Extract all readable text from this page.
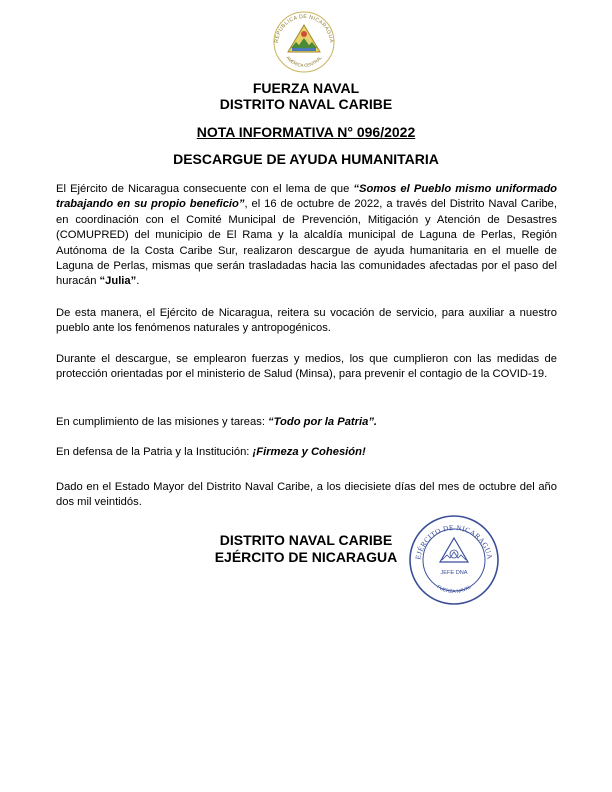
REPÚBLICA DE NICARAGUA
AMÉRICA CENTRAL
FUERZA NAVAL
DISTRITO NAVAL CARIBE
NOTA INFORMATIVA N° 096/2022
DESCARGUE DE AYUDA HUMANITARIA

El Ejército de Nicaragua consecuente con el lema de que “Somos el Pueblo mismo uniformado trabajando en su propio beneficio”, el 16 de octubre de 2022, a través del Distrito Naval Caribe, en coordinación con el Comité Municipal de Prevención, Mitigación y Atención de Desastres (COMUPRED) del municipio de El Rama y la alcaldía municipal de Laguna de Perlas, Región Autónoma de la Costa Caribe Sur, realizaron descargue de ayuda humanitaria en el muelle de Laguna de Perlas, mismas que serán trasladadas hacia las comunidades afectadas por el paso del huracán “Julia”.

De esta manera, el Ejército de Nicaragua, reitera su vocación de servicio, para auxiliar a nuestro pueblo ante los fenómenos naturales y antropogénicos.

Durante el descargue, se emplearon fuerzas y medios, los que cumplieron con las medidas de protección orientadas por el ministerio de Salud (Minsa), para prevenir el contagio de la COVID-19.

En cumplimiento de las misiones y tareas: “Todo por la Patria”.

En defensa de la Patria y la Institución: ¡Firmeza y Cohesión!

Dado en el Estado Mayor del Distrito Naval Caribe, a los diecisiete días del mes de octubre del año dos mil veintidós.

DISTRITO NAVAL CARIBE
EJÉRCITO DE NICARAGUA	EJÉRCITO DE NICARAGUA
JEFE DNA
FUERZA NAVAL
